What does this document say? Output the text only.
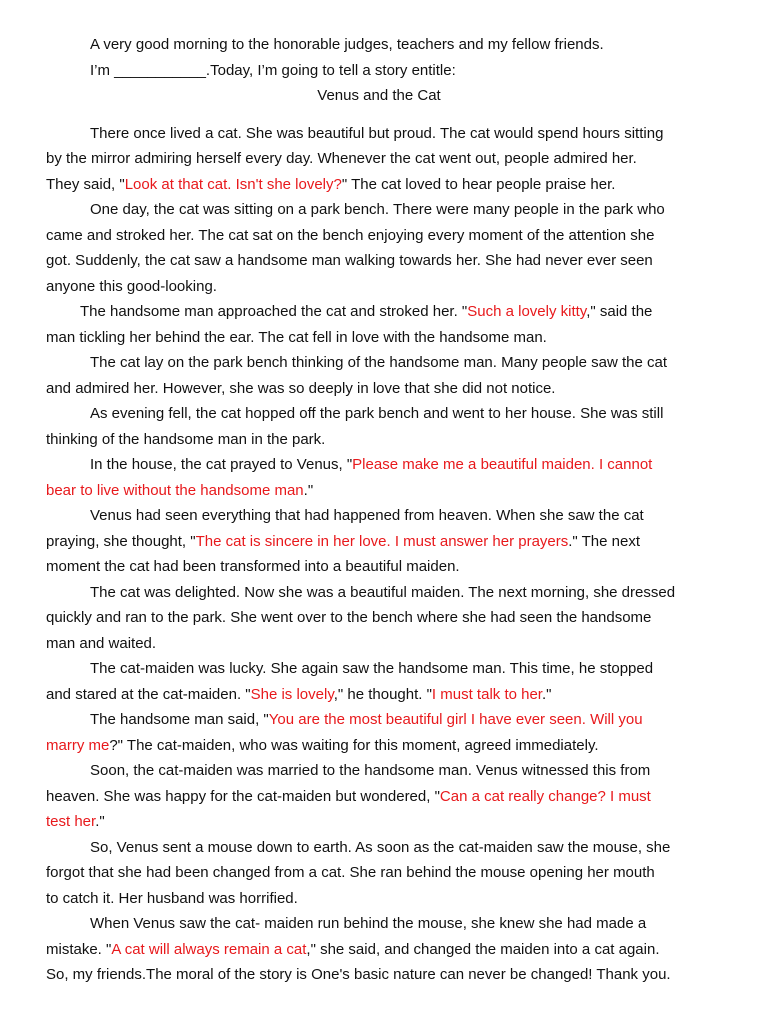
A very good morning to the honorable judges, teachers and my fellow friends.
I’m ___________.Today, I’m going to tell a story entitle:
Venus and the Cat
There once lived a cat. She was beautiful but proud. The cat would spend hours sitting
by the mirror admiring herself every day. Whenever the cat went out, people admired her.
They said, "Look at that cat. Isn't she lovely?" The cat loved to hear people praise her.
One day, the cat was sitting on a park bench. There were many people in the park who
came and stroked her. The cat sat on the bench enjoying every moment of the attention she
got. Suddenly, the cat saw a handsome man walking towards her. She had never ever seen
anyone this good-looking.
The handsome man approached the cat and stroked her. "Such a lovely kitty," said the
man tickling her behind the ear. The cat fell in love with the handsome man.
The cat lay on the park bench thinking of the handsome man. Many people saw the cat
and admired her. However, she was so deeply in love that she did not notice.
As evening fell, the cat hopped off the park bench and went to her house. She was still
thinking of the handsome man in the park.
In the house, the cat prayed to Venus, "Please make me a beautiful maiden. I cannot
bear to live without the handsome man."
Venus had seen everything that had happened from heaven. When she saw the cat
praying, she thought, "The cat is sincere in her love. I must answer her prayers." The next
moment the cat had been transformed into a beautiful maiden.
The cat was delighted. Now she was a beautiful maiden. The next morning, she dressed
quickly and ran to the park. She went over to the bench where she had seen the handsome
man and waited.
The cat-maiden was lucky. She again saw the handsome man. This time, he stopped
and stared at the cat-maiden. "She is lovely," he thought. "I must talk to her."
The handsome man said, "You are the most beautiful girl I have ever seen. Will you
marry me?" The cat-maiden, who was waiting for this moment, agreed immediately.
Soon, the cat-maiden was married to the handsome man. Venus witnessed this from
heaven. She was happy for the cat-maiden but wondered, "Can a cat really change? I must
test her."
So, Venus sent a mouse down to earth. As soon as the cat-maiden saw the mouse, she
forgot that she had been changed from a cat. She ran behind the mouse opening her mouth
to catch it. Her husband was horrified.
When Venus saw the cat- maiden run behind the mouse, she knew she had made a
mistake. "A cat will always remain a cat," she said, and changed the maiden into a cat again.
So, my friends.The moral of the story is One's basic nature can never be changed! Thank you.
